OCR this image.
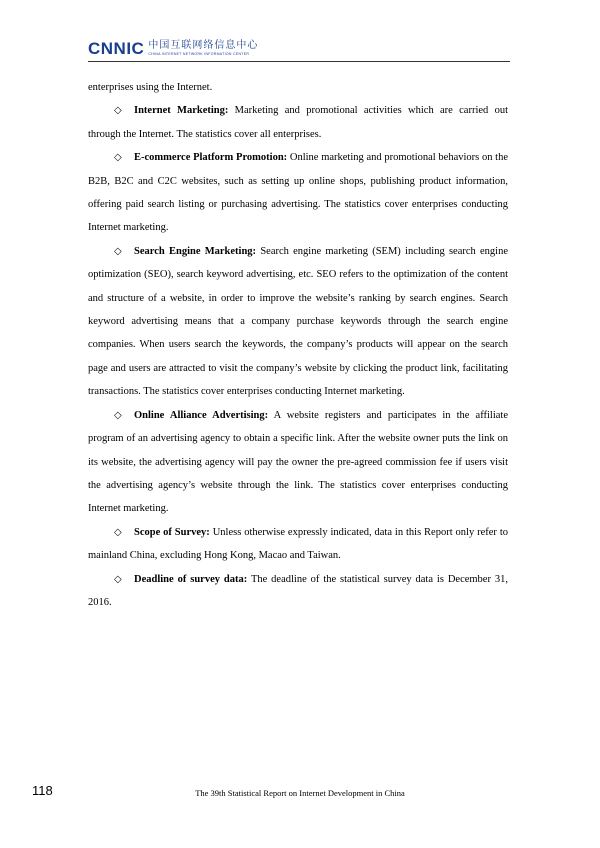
CNNIC 中国互联网络信息中心
CHINA INTERNET NETWORK INFORMATION CENTER

enterprises using the Internet.

◇ Internet Marketing: Marketing and promotional activities which are carried out through the Internet. The statistics cover all enterprises.

◇ E-commerce Platform Promotion: Online marketing and promotional behaviors on the B2B, B2C and C2C websites, such as setting up online shops, publishing product information, offering paid search listing or purchasing advertising. The statistics cover enterprises conducting Internet marketing.

◇ Search Engine Marketing: Search engine marketing (SEM) including search engine optimization (SEO), search keyword advertising, etc. SEO refers to the optimization of the content and structure of a website, in order to improve the website’s ranking by search engines. Search keyword advertising means that a company purchase keywords through the search engine companies. When users search the keywords, the company’s products will appear on the search page and users are attracted to visit the company’s website by clicking the product link, facilitating transactions. The statistics cover enterprises conducting Internet marketing.

◇ Online Alliance Advertising: A website registers and participates in the affiliate program of an advertising agency to obtain a specific link. After the website owner puts the link on its website, the advertising agency will pay the owner the pre-agreed commission fee if users visit the advertising agency’s website through the link. The statistics cover enterprises conducting Internet marketing.

◇ Scope of Survey: Unless otherwise expressly indicated, data in this Report only refer to mainland China, excluding Hong Kong, Macao and Taiwan.

◇ Deadline of survey data: The deadline of the statistical survey data is December 31, 2016.

118	The 39th Statistical Report on Internet Development in China
